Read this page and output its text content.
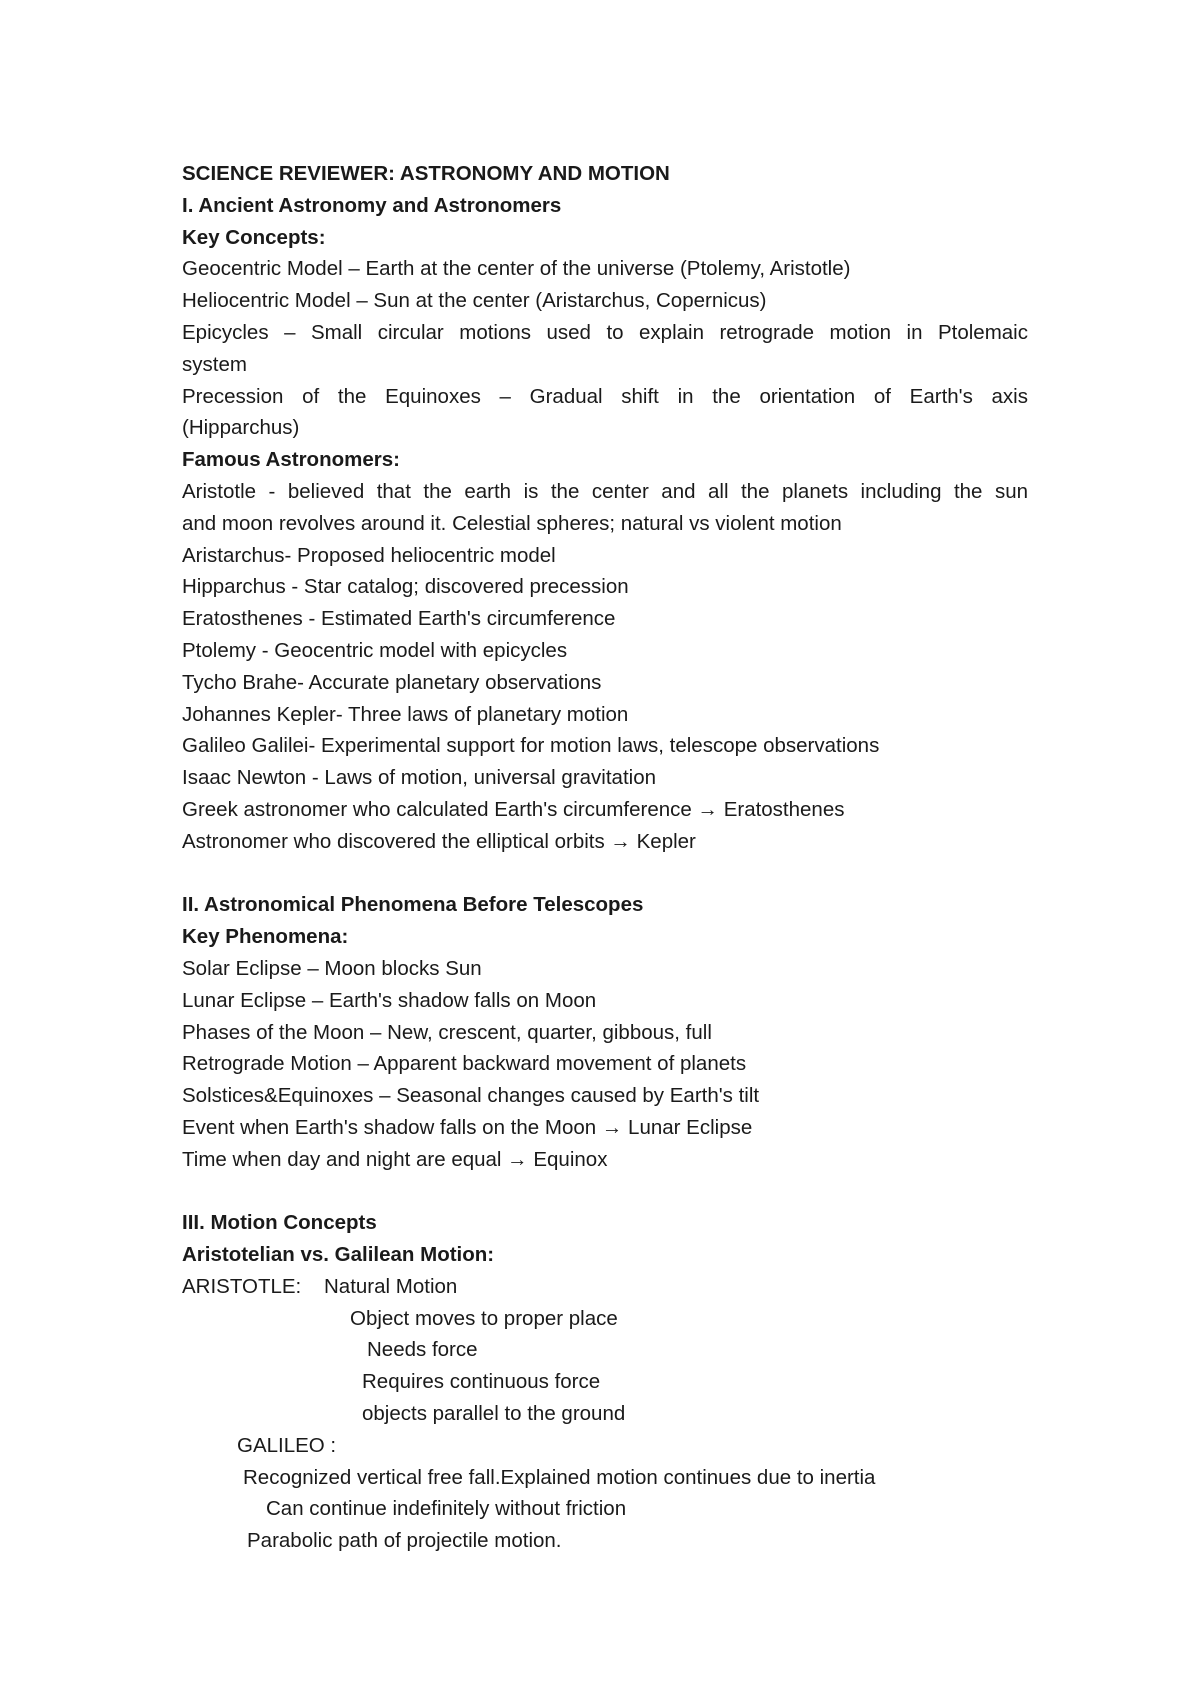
SCIENCE REVIEWER: ASTRONOMY AND MOTION
I. Ancient Astronomy and Astronomers
Key Concepts:
Geocentric Model – Earth at the center of the universe (Ptolemy, Aristotle)
Heliocentric Model – Sun at the center (Aristarchus, Copernicus)
Epicycles – Small circular motions used to explain retrograde motion in Ptolemaic
system
Precession of the Equinoxes – Gradual shift in the orientation of Earth's axis
(Hipparchus)
Famous Astronomers:
Aristotle - believed that the earth is the center and all the planets including the sun
and moon revolves around it. Celestial spheres; natural vs violent motion
Aristarchus- Proposed heliocentric model
Hipparchus - Star catalog; discovered precession
Eratosthenes - Estimated Earth's circumference
Ptolemy - Geocentric model with epicycles
Tycho Brahe- Accurate planetary observations
Johannes Kepler- Three laws of planetary motion
Galileo Galilei- Experimental support for motion laws, telescope observations
Isaac Newton - Laws of motion, universal gravitation
Greek astronomer who calculated Earth's circumference → Eratosthenes
Astronomer who discovered the elliptical orbits → Kepler
II. Astronomical Phenomena Before Telescopes
Key Phenomena:
Solar Eclipse – Moon blocks Sun
Lunar Eclipse – Earth's shadow falls on Moon
Phases of the Moon – New, crescent, quarter, gibbous, full
Retrograde Motion – Apparent backward movement of planets
Solstices&Equinoxes – Seasonal changes caused by Earth's tilt
Event when Earth's shadow falls on the Moon → Lunar Eclipse
Time when day and night are equal → Equinox
III. Motion Concepts
Aristotelian vs. Galilean Motion:
ARISTOTLE: Natural Motion
Object moves to proper place
Needs force
Requires continuous force
objects parallel to the ground
GALILEO :
Recognized vertical free fall.Explained motion continues due to inertia
Can continue indefinitely without friction
Parabolic path of projectile motion.
